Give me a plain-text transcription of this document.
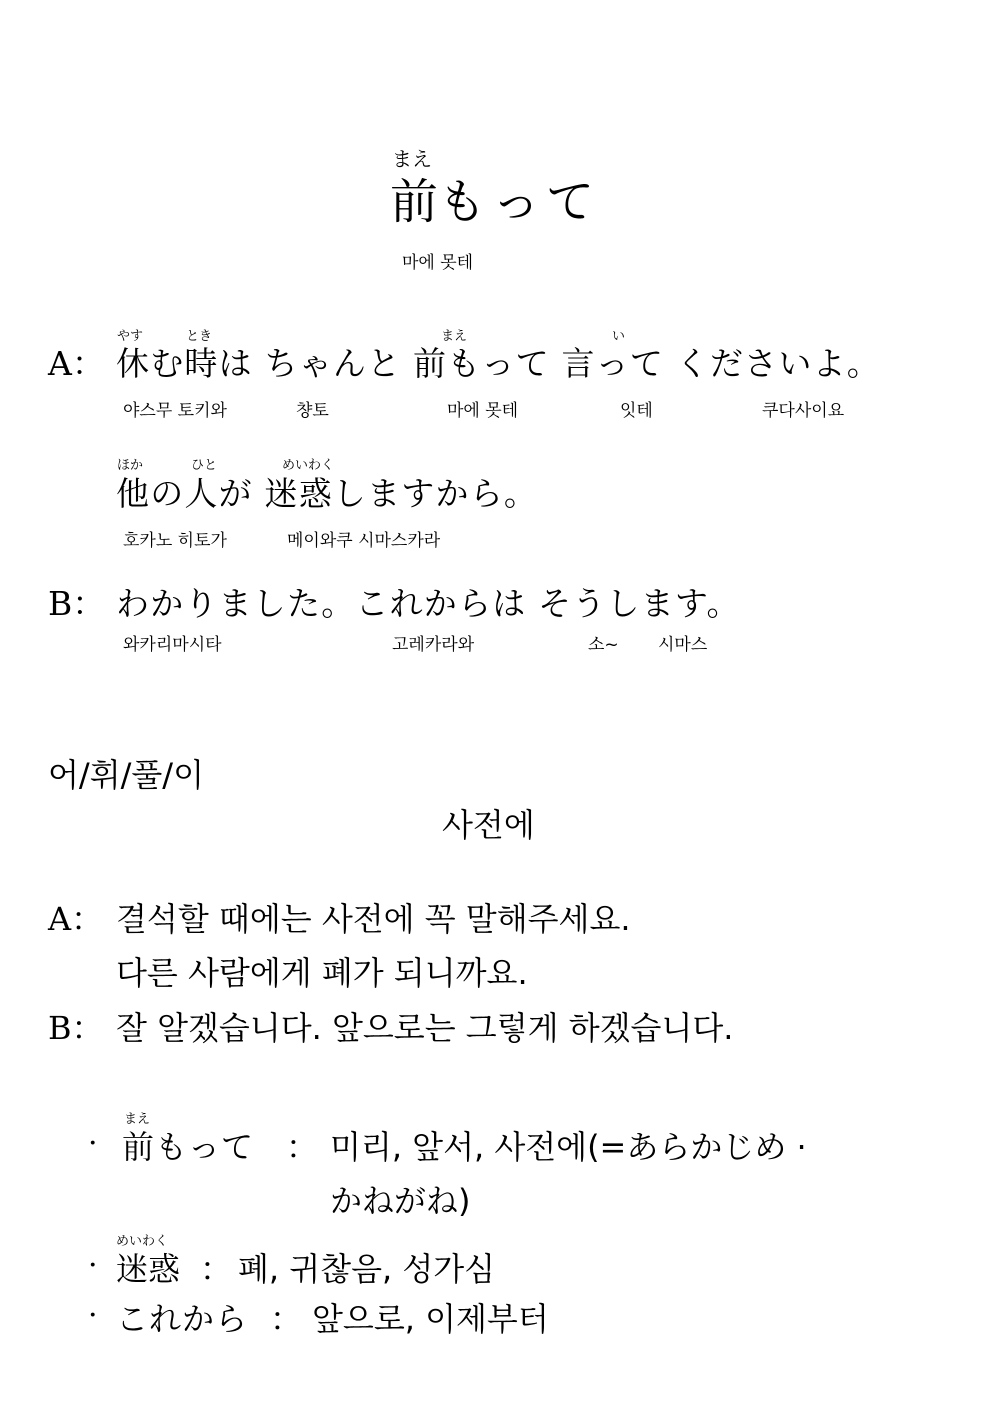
まえ
前もって
마에 못테
やす	とき	まえ	い
A： 休む時は ちゃんと 前もって 言って くださいよ。
야스무 토키와	챵토	마에 못테	잇테	쿠다사이요
ほか	ひと	めいわく
他の人が 迷惑しますから。
호카노 히토가	메이와쿠 시마스카라
B： わかりました。これからは そうします。
와카리마시타	고레카라와	소~ 시마스
어/휘/풀/이
사전에
A： 결석할 때에는 사전에 꼭 말해주세요.
다른 사람에게 폐가 되니까요.
B： 잘 알겠습니다. 앞으로는 그렇게 하겠습니다.
·
まえ
前もって ： 미리, 앞서, 사전에(=あらかじめ ·
かねがね)
·
めいわく
迷惑 ： 폐, 귀찮음, 성가심
· これから ： 앞으로, 이제부터
